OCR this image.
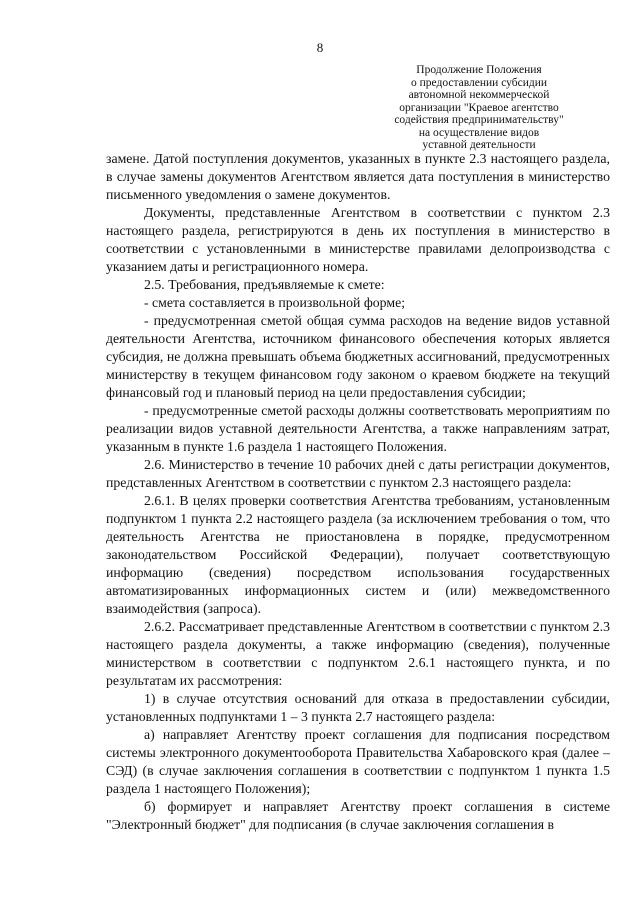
8
Продолжение Положения
о предоставлении субсидии
автономной некоммерческой
организации "Краевое агентство
содействия предпринимательству"
на осуществление видов
уставной деятельности

замене. Датой поступления документов, указанных в пункте 2.3 настоящего раздела, в случае замены документов Агентством является дата поступления в министерство письменного уведомления о замене документов.

Документы, представленные Агентством в соответствии с пунктом 2.3 настоящего раздела, регистрируются в день их поступления в министерство в соответствии с установленными в министерстве правилами делопроизводства с указанием даты и регистрационного номера.

2.5. Требования, предъявляемые к смете:

- смета составляется в произвольной форме;

- предусмотренная сметой общая сумма расходов на ведение видов уставной деятельности Агентства, источником финансового обеспечения которых является субсидия, не должна превышать объема бюджетных ассигнований, предусмотренных министерству в текущем финансовом году законом о краевом бюджете на текущий финансовый год и плановый период на цели предоставления субсидии;

- предусмотренные сметой расходы должны соответствовать мероприятиям по реализации видов уставной деятельности Агентства, а также направлениям затрат, указанным в пункте 1.6 раздела 1 настоящего Положения.

2.6. Министерство в течение 10 рабочих дней с даты регистрации документов, представленных Агентством в соответствии с пунктом 2.3 настоящего раздела:

2.6.1. В целях проверки соответствия Агентства требованиям, установленным подпунктом 1 пункта 2.2 настоящего раздела (за исключением требования о том, что деятельность Агентства не приостановлена в порядке, предусмотренном законодательством Российской Федерации), получает соответствующую информацию (сведения) посредством использования государственных автоматизированных информационных систем и (или) межведомственного взаимодействия (запроса).

2.6.2. Рассматривает представленные Агентством в соответствии с пунктом 2.3 настоящего раздела документы, а также информацию (сведения), полученные министерством в соответствии с подпунктом 2.6.1 настоящего пункта, и по результатам их рассмотрения:

1) в случае отсутствия оснований для отказа в предоставлении субсидии, установленных подпунктами 1 – 3 пункта 2.7 настоящего раздела:

а) направляет Агентству проект соглашения для подписания посредством системы электронного документооборота Правительства Хабаровского края (далее – СЭД) (в случае заключения соглашения в соответствии с подпунктом 1 пункта 1.5 раздела 1 настоящего Положения);

б) формирует и направляет Агентству проект соглашения в системе "Электронный бюджет" для подписания (в случае заключения соглашения в
